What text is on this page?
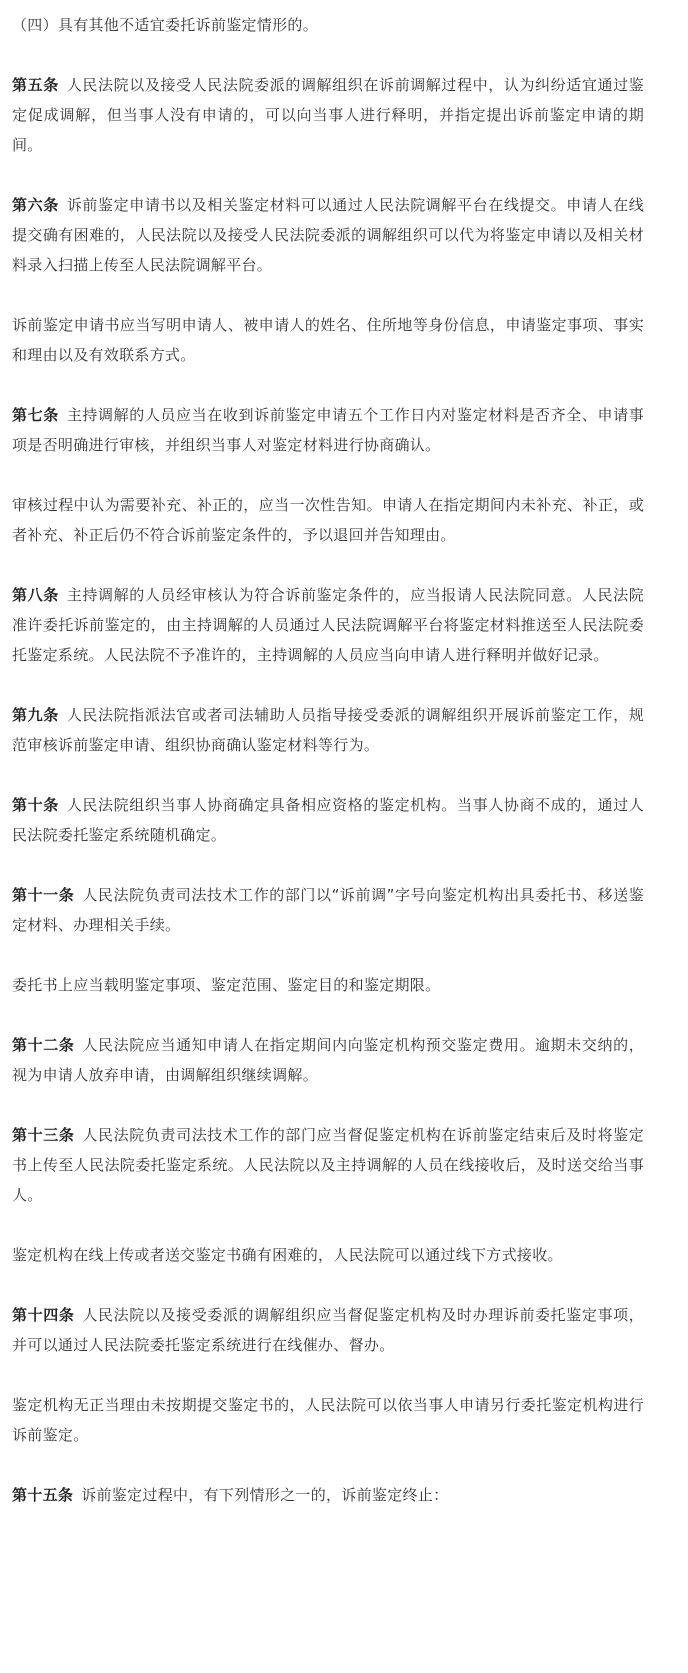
（四）具有其他不适宜委托诉前鉴定情形的。

第五条 人民法院以及接受人民法院委派的调解组织在诉前调解过程中，认为纠纷适宜通过鉴定促成调解，但当事人没有申请的，可以向当事人进行释明，并指定提出诉前鉴定申请的期间。

第六条 诉前鉴定申请书以及相关鉴定材料可以通过人民法院调解平台在线提交。申请人在线提交确有困难的，人民法院以及接受人民法院委派的调解组织可以代为将鉴定申请以及相关材料录入扫描上传至人民法院调解平台。

诉前鉴定申请书应当写明申请人、被申请人的姓名、住所地等身份信息，申请鉴定事项、事实和理由以及有效联系方式。

第七条 主持调解的人员应当在收到诉前鉴定申请五个工作日内对鉴定材料是否齐全、申请事项是否明确进行审核，并组织当事人对鉴定材料进行协商确认。

审核过程中认为需要补充、补正的，应当一次性告知。申请人在指定期间内未补充、补正，或者补充、补正后仍不符合诉前鉴定条件的，予以退回并告知理由。

第八条 主持调解的人员经审核认为符合诉前鉴定条件的，应当报请人民法院同意。人民法院准许委托诉前鉴定的，由主持调解的人员通过人民法院调解平台将鉴定材料推送至人民法院委托鉴定系统。人民法院不予准许的，主持调解的人员应当向申请人进行释明并做好记录。

第九条 人民法院指派法官或者司法辅助人员指导接受委派的调解组织开展诉前鉴定工作，规范审核诉前鉴定申请、组织协商确认鉴定材料等行为。

第十条 人民法院组织当事人协商确定具备相应资格的鉴定机构。当事人协商不成的，通过人民法院委托鉴定系统随机确定。

第十一条 人民法院负责司法技术工作的部门以“诉前调”字号向鉴定机构出具委托书、移送鉴定材料、办理相关手续。

委托书上应当载明鉴定事项、鉴定范围、鉴定目的和鉴定期限。

第十二条 人民法院应当通知申请人在指定期间内向鉴定机构预交鉴定费用。逾期未交纳的，视为申请人放弃申请，由调解组织继续调解。

第十三条 人民法院负责司法技术工作的部门应当督促鉴定机构在诉前鉴定结束后及时将鉴定书上传至人民法院委托鉴定系统。人民法院以及主持调解的人员在线接收后，及时送交给当事人。

鉴定机构在线上传或者送交鉴定书确有困难的，人民法院可以通过线下方式接收。

第十四条 人民法院以及接受委派的调解组织应当督促鉴定机构及时办理诉前委托鉴定事项，并可以通过人民法院委托鉴定系统进行在线催办、督办。

鉴定机构无正当理由未按期提交鉴定书的，人民法院可以依当事人申请另行委托鉴定机构进行诉前鉴定。

第十五条 诉前鉴定过程中，有下列情形之一的，诉前鉴定终止：
